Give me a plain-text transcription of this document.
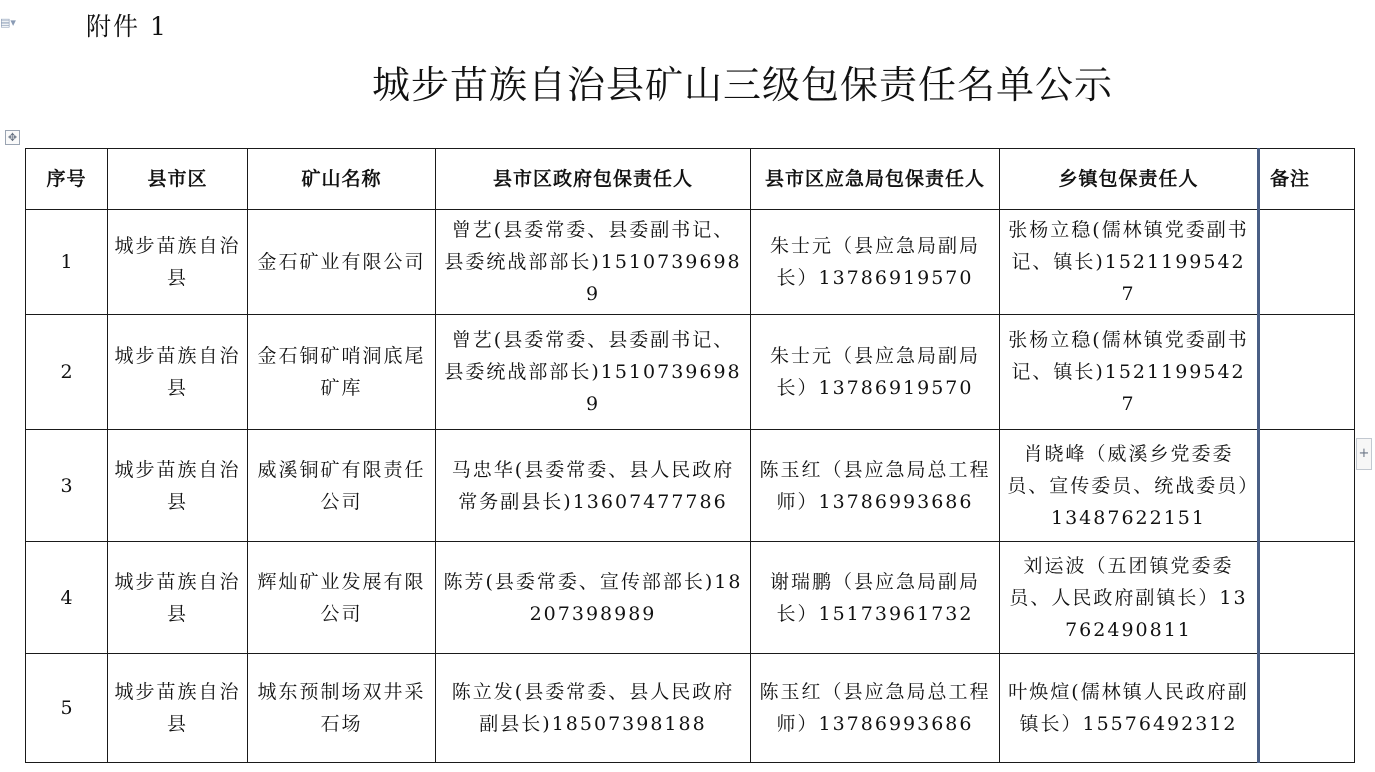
▤▾	附件 1
城步苗族自治县矿山三级包保责任名单公示
✥
+
序号	县市区	矿山名称	县市区政府包保责任人	县市区应急局包保责任人	乡镇包保责任人	备注
1	城步苗族自治县	金石矿业有限公司	曾艺(县委常委、县委副书记、县委统战部部长)15107396989	朱士元（县应急局副局长）13786919570	张杨立稳(儒林镇党委副书记、镇长)15211995427	
2	城步苗族自治县	金石铜矿哨洞底尾矿库	曾艺(县委常委、县委副书记、县委统战部部长)15107396989	朱士元（县应急局副局长）13786919570	张杨立稳(儒林镇党委副书记、镇长)15211995427	
3	城步苗族自治县	威溪铜矿有限责任公司	马忠华(县委常委、县人民政府常务副县长)13607477786	陈玉红（县应急局总工程师）13786993686	肖晓峰（威溪乡党委委员、宣传委员、统战委员）13487622151	
4	城步苗族自治县	辉灿矿业发展有限公司	陈芳(县委常委、宣传部部长)18207398989	谢瑞鹏（县应急局副局长）15173961732	刘运波（五团镇党委委员、人民政府副镇长）13762490811	
5	城步苗族自治县	城东预制场双井采石场	陈立发(县委常委、县人民政府副县长)18507398188	陈玉红（县应急局总工程师）13786993686	叶焕煊(儒林镇人民政府副镇长）15576492312	
